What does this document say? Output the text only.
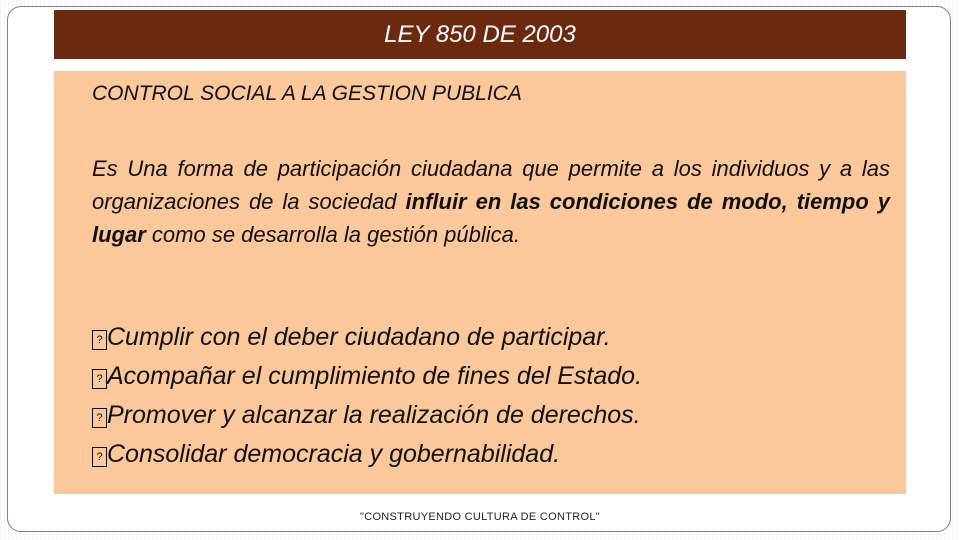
LEY 850 DE 2003
CONTROL SOCIAL A LA GESTION PUBLICA

Es Una forma de participación ciudadana que permite a los individuos y a las organizaciones de la sociedad influir en las condiciones de modo, tiempo y lugar como se desarrolla la gestión pública.

? Cumplir con el deber ciudadano de participar.
? Acompañar el cumplimiento de fines del Estado.
? Promover y alcanzar la realización de derechos.
? Consolidar democracia y gobernabilidad.
"CONSTRUYENDO CULTURA DE CONTROL"
